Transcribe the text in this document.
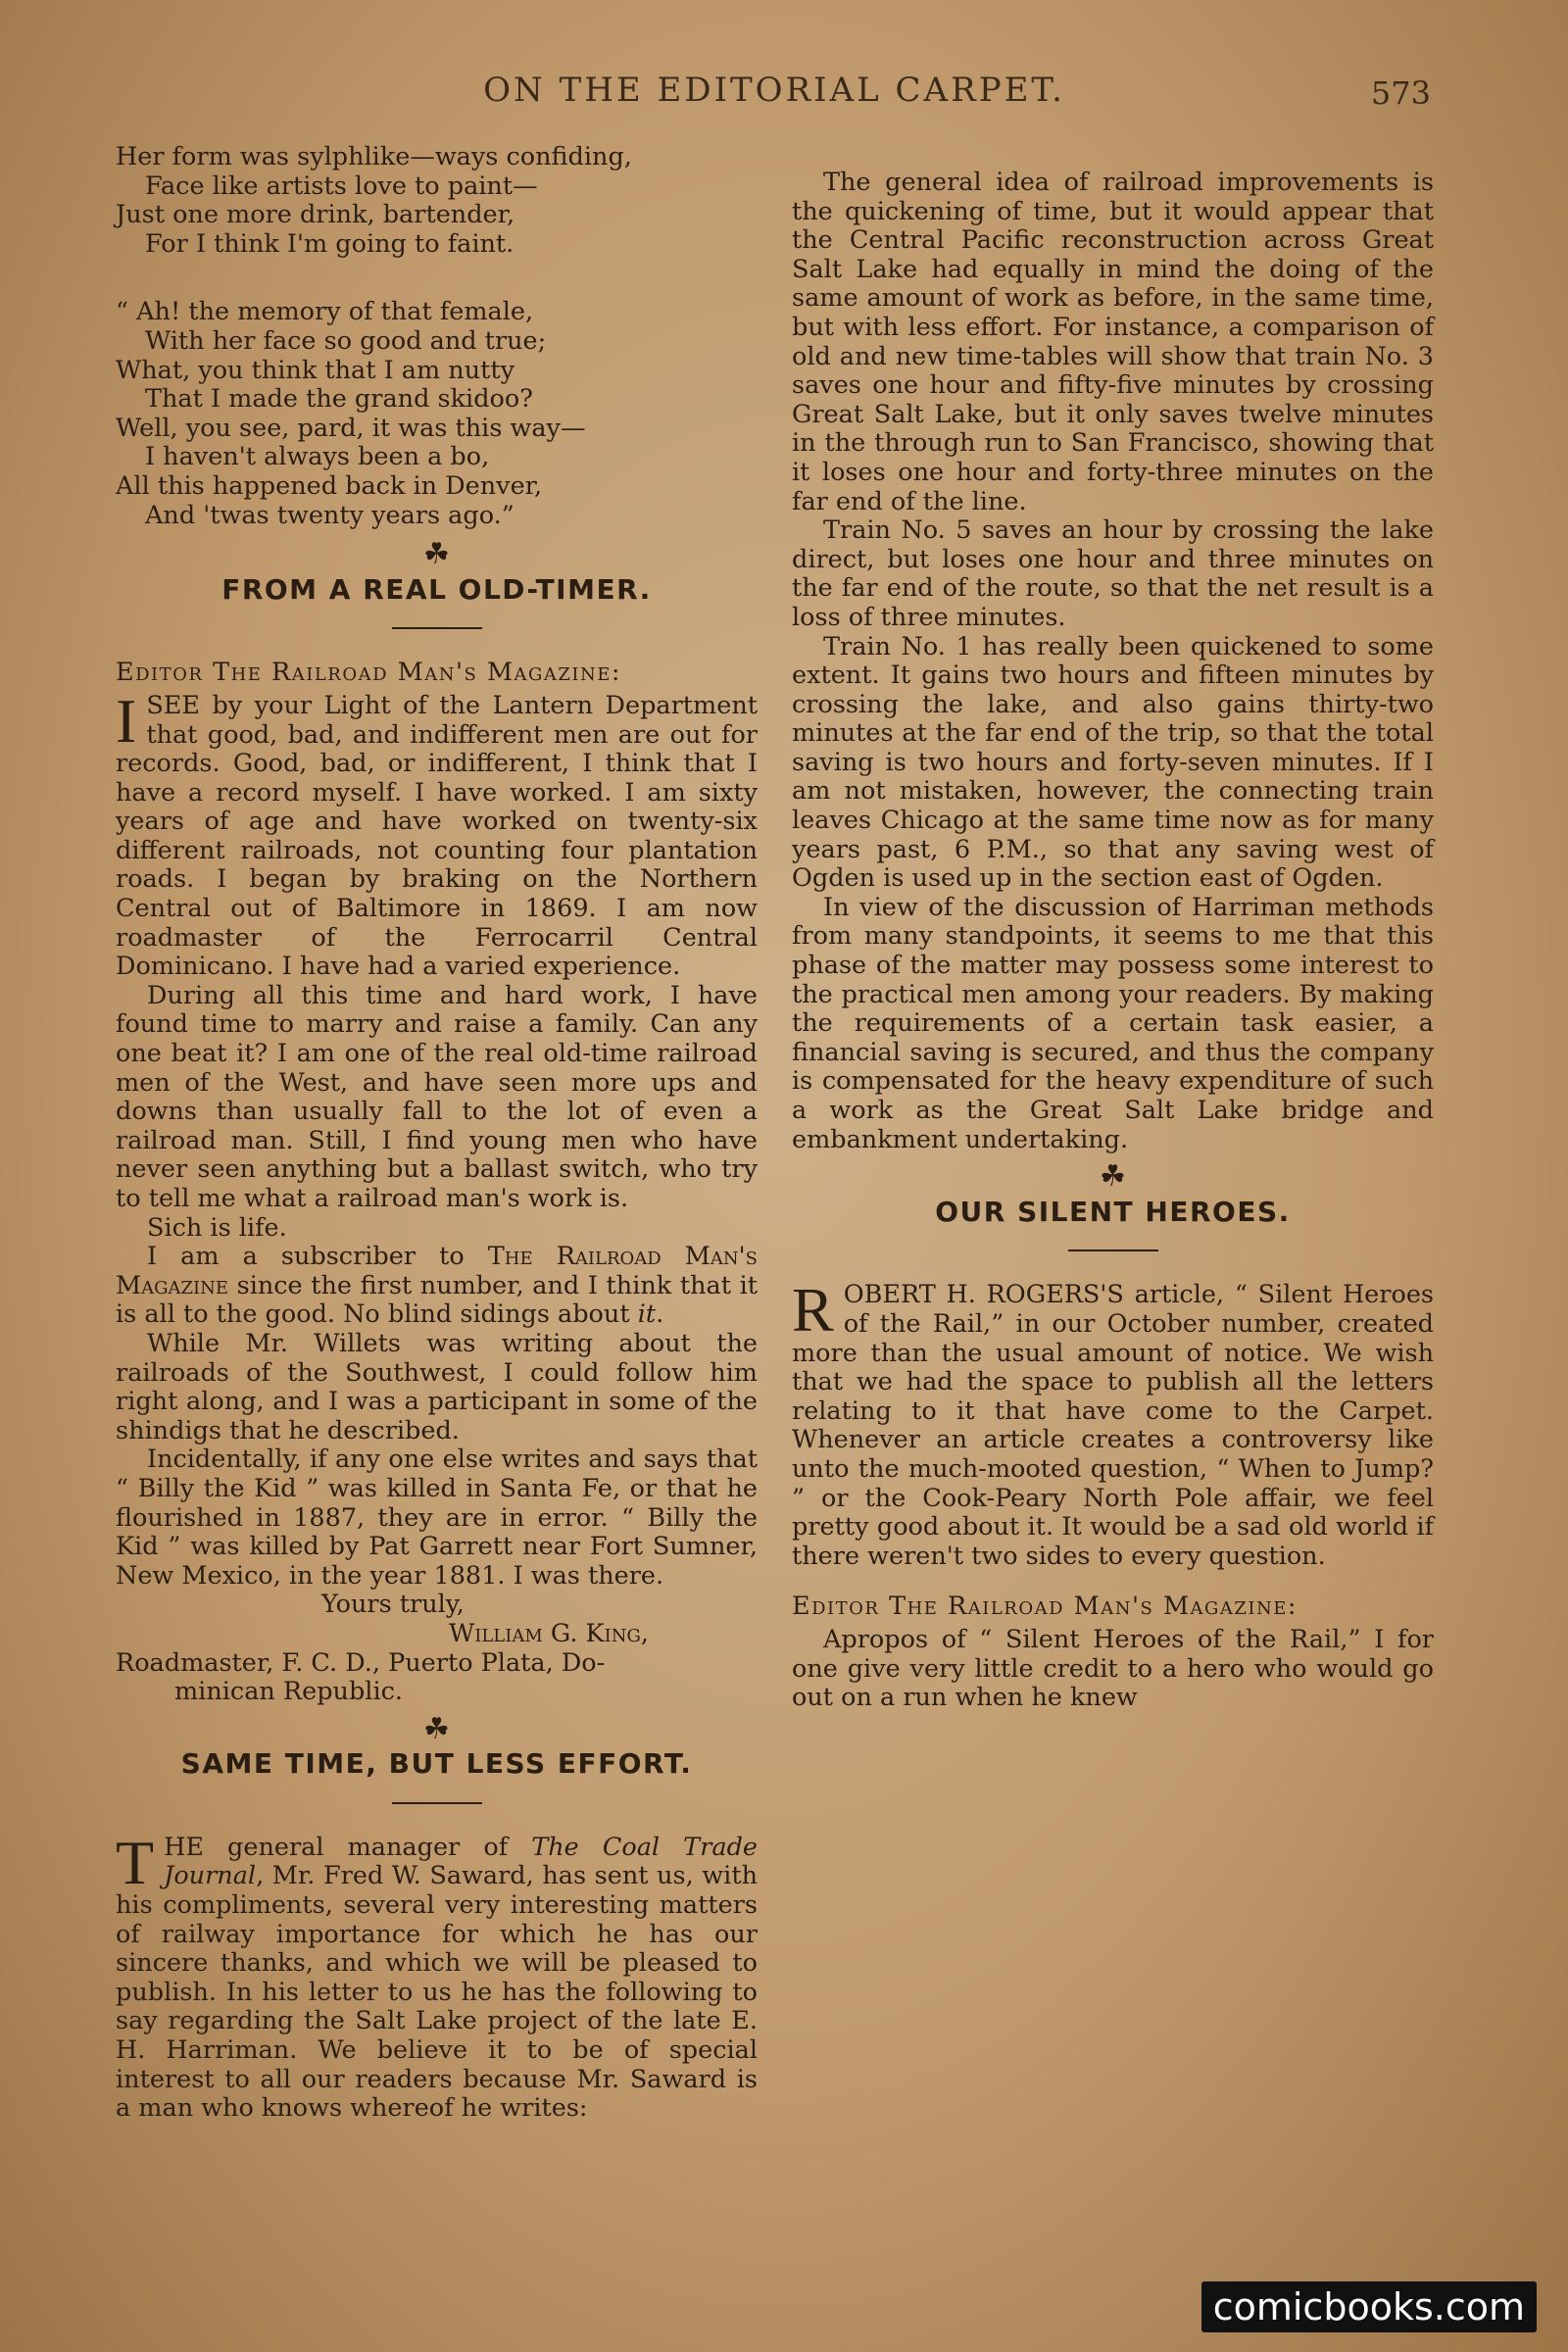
ON THE EDITORIAL CARPET.	573
Her form was sylphlike—ways confiding,
Face like artists love to paint—
Just one more drink, bartender,
For I think I'm going to faint.
“ Ah! the memory of that female,
With her face so good and true;
What, you think that I am nutty
That I made the grand skidoo?
Well, you see, pard, it was this way—
I haven't always been a bo,
All this happened back in Denver,
And 'twas twenty years ago.”
☘
FROM A REAL OLD-TIMER.

Editor The Railroad Man's Magazine:

ISEE by your Light of the Lantern Department that good, bad, and indifferent men are out for records. Good, bad, or indifferent, I think that I have a record myself. I have worked. I am sixty years of age and have worked on twenty-six different railroads, not counting four plantation roads. I began by braking on the Northern Central out of Baltimore in 1869. I am now roadmaster of the Ferrocarril Central Dominicano. I have had a varied experience.

During all this time and hard work, I have found time to marry and raise a family. Can any one beat it? I am one of the real old-time railroad men of the West, and have seen more ups and downs than usually fall to the lot of even a railroad man. Still, I find young men who have never seen anything but a ballast switch, who try to tell me what a railroad man's work is.

Sich is life.

I am a subscriber to The Railroad Man's Magazine since the first number, and I think that it is all to the good. No blind sidings about it.

While Mr. Willets was writing about the railroads of the Southwest, I could follow him right along, and I was a participant in some of the shindigs that he described.

Incidentally, if any one else writes and says that “ Billy the Kid ” was killed in Santa Fe, or that he flourished in 1887, they are in error. “ Billy the Kid ” was killed by Pat Garrett near Fort Sumner, New Mexico, in the year 1881. I was there.

Yours truly,

William G. King,

Roadmaster, F. C. D., Puerto Plata, Do-

minican Republic.

☘
SAME TIME, BUT LESS EFFORT.

THE general manager of The Coal Trade Journal, Mr. Fred W. Saward, has sent us, with his compliments, several very interesting matters of railway importance for which he has our sincere thanks, and which we will be pleased to publish. In his letter to us he has the following to say regarding the Salt Lake project of the late E. H. Harriman. We believe it to be of special interest to all our readers because Mr. Saward is a man who knows whereof he writes:

The general idea of railroad improvements is the quickening of time, but it would appear that the Central Pacific reconstruction across Great Salt Lake had equally in mind the doing of the same amount of work as before, in the same time, but with less effort. For instance, a comparison of old and new time-tables will show that train No. 3 saves one hour and fifty-five minutes by crossing Great Salt Lake, but it only saves twelve minutes in the through run to San Francisco, showing that it loses one hour and forty-three minutes on the far end of the line.

Train No. 5 saves an hour by crossing the lake direct, but loses one hour and three minutes on the far end of the route, so that the net result is a loss of three minutes.

Train No. 1 has really been quickened to some extent. It gains two hours and fifteen minutes by crossing the lake, and also gains thirty-two minutes at the far end of the trip, so that the total saving is two hours and forty-seven minutes. If I am not mistaken, however, the connecting train leaves Chicago at the same time now as for many years past, 6 P.M., so that any saving west of Ogden is used up in the section east of Ogden.

In view of the discussion of Harriman methods from many standpoints, it seems to me that this phase of the matter may possess some interest to the practical men among your readers. By making the requirements of a certain task easier, a financial saving is secured, and thus the company is compensated for the heavy expenditure of such a work as the Great Salt Lake bridge and embankment undertaking.

☘
OUR SILENT HEROES.

ROBERT H. ROGERS'S article, “ Silent Heroes of the Rail,” in our October number, created more than the usual amount of notice. We wish that we had the space to publish all the letters relating to it that have come to the Carpet. Whenever an article creates a controversy like unto the much-mooted question, “ When to Jump? ” or the Cook-Peary North Pole affair, we feel pretty good about it. It would be a sad old world if there weren't two sides to every question.

Editor The Railroad Man's Magazine:

Apropos of “ Silent Heroes of the Rail,” I for one give very little credit to a hero who would go out on a run when he knew

comicbooks.com
